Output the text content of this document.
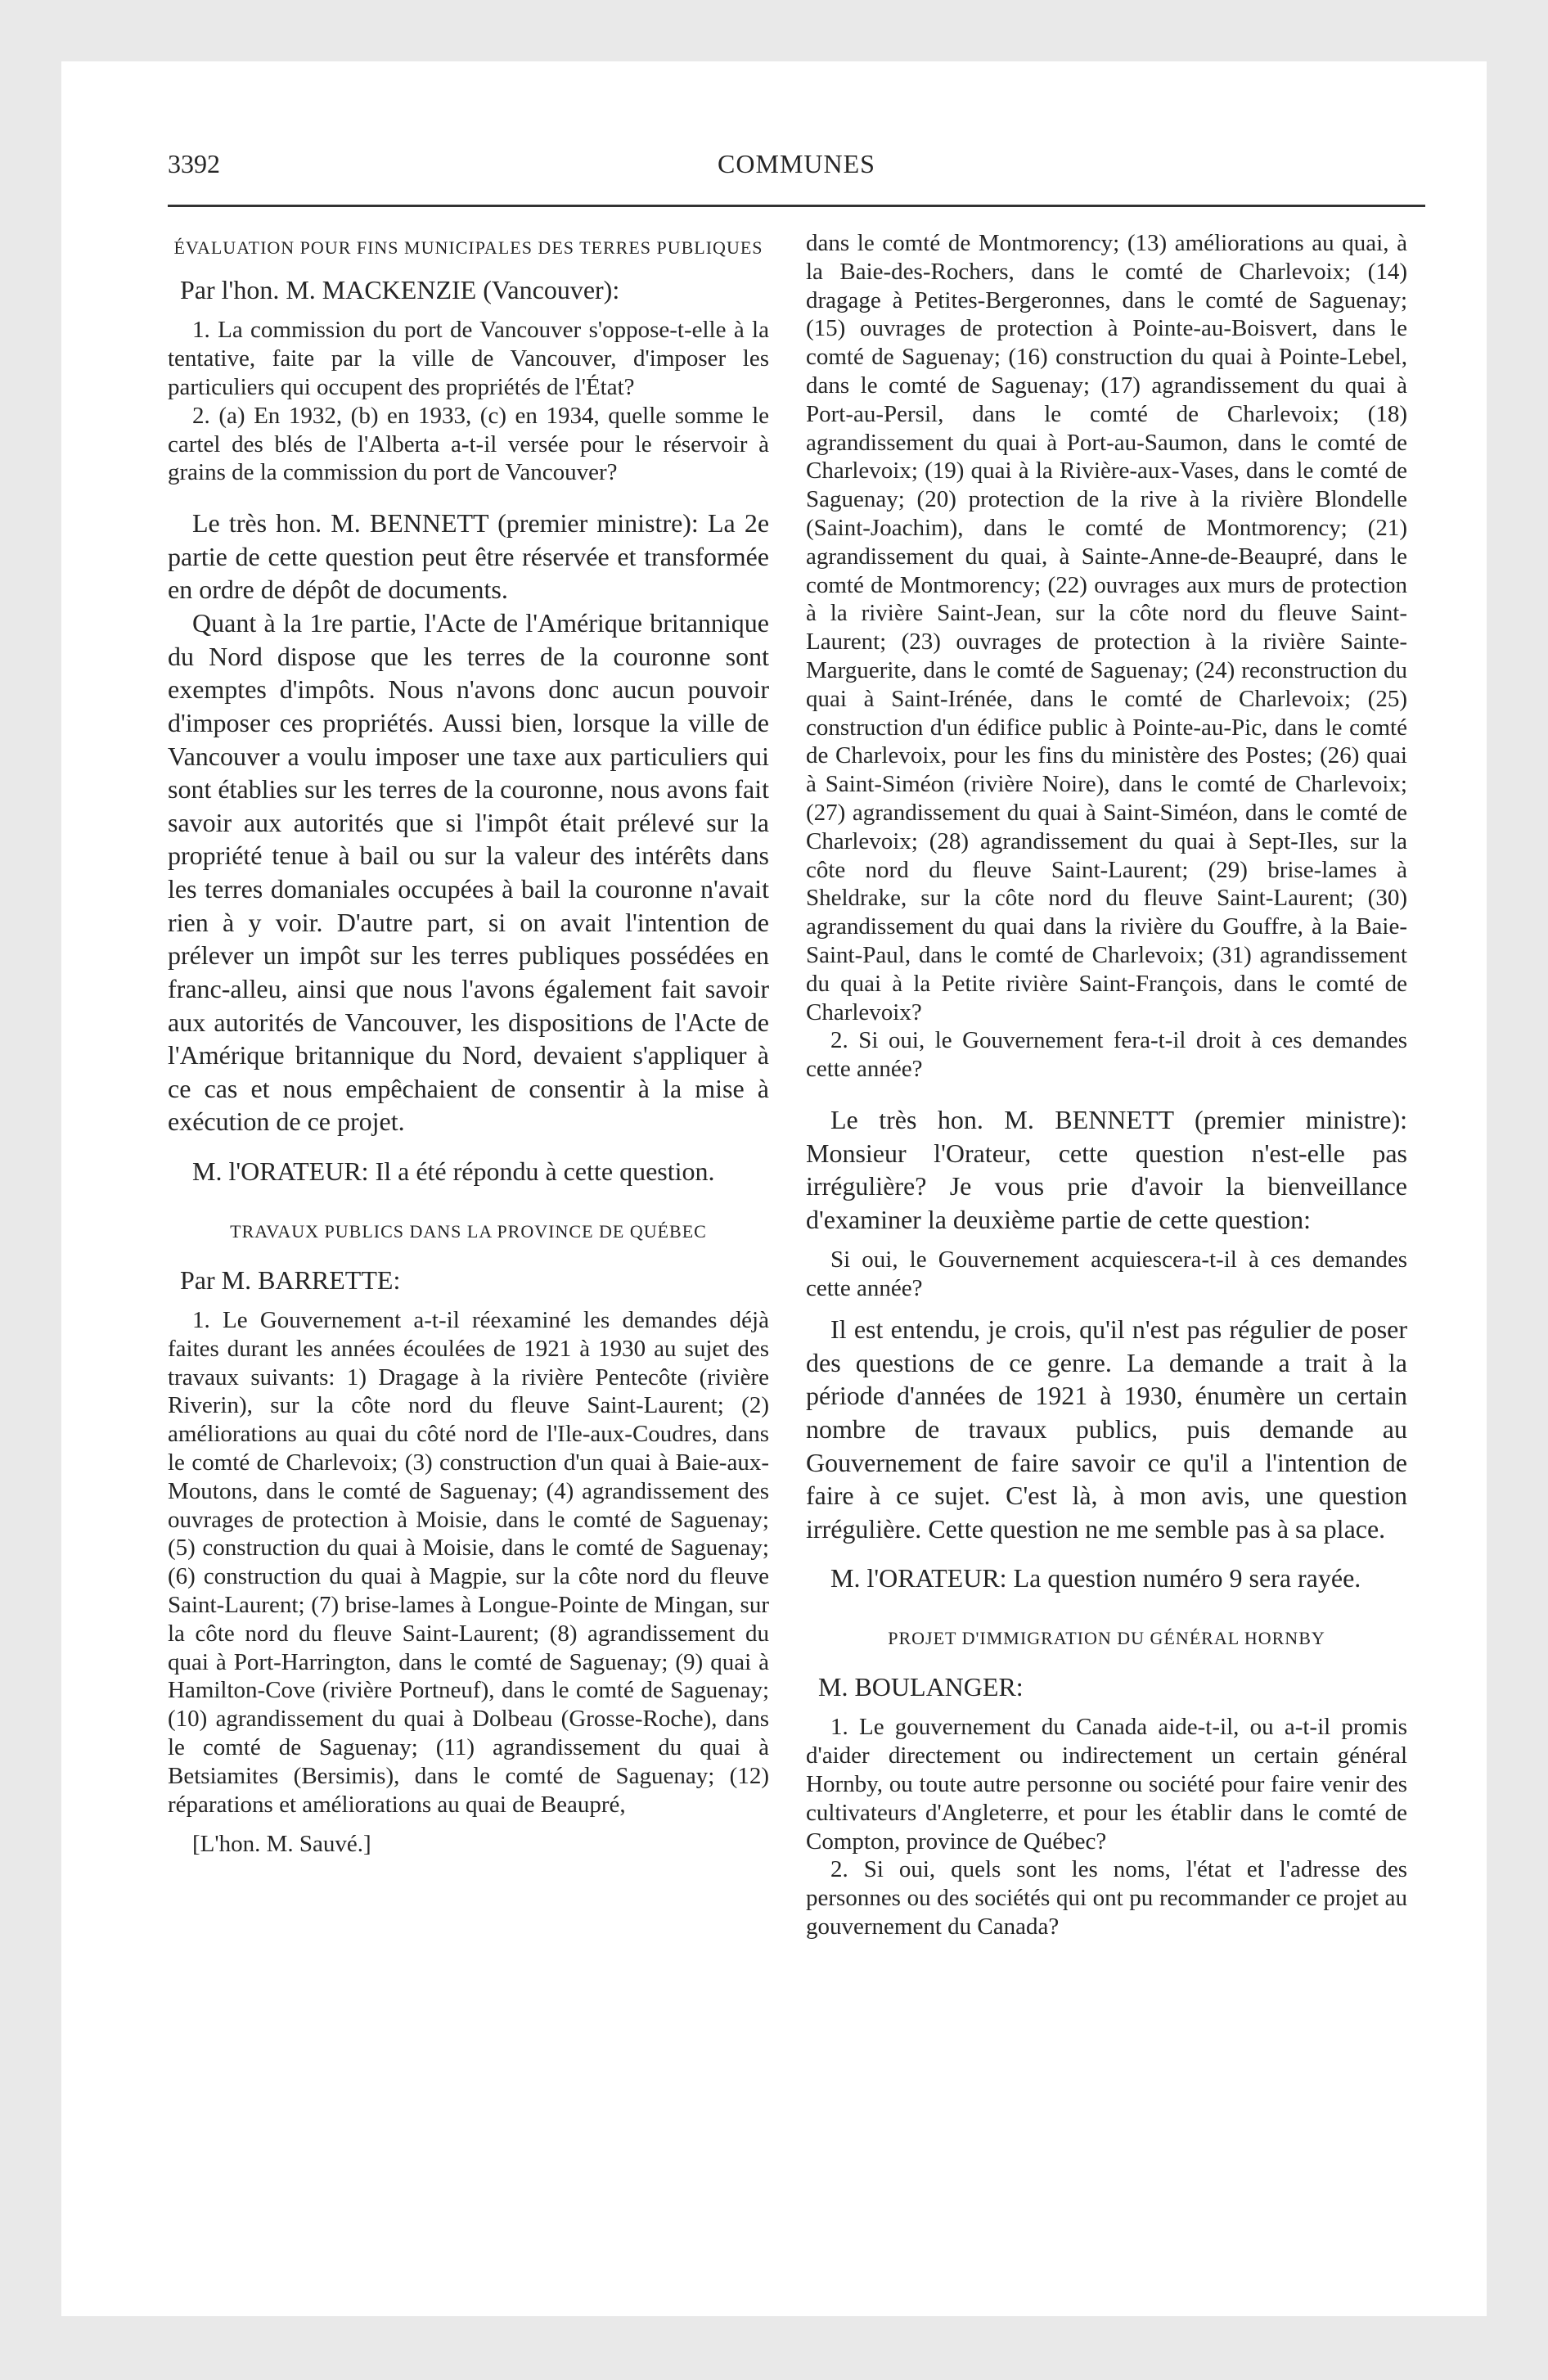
3392	COMMUNES

ÉVALUATION POUR FINS MUNICIPALES DES TERRES PUBLIQUES

Par l'hon. M. MACKENZIE (Vancouver):

1. La commission du port de Vancouver s'oppose-t-elle à la tentative, faite par la ville de Vancouver, d'imposer les particuliers qui occupent des propriétés de l'État?

2. (a) En 1932, (b) en 1933, (c) en 1934, quelle somme le cartel des blés de l'Alberta a-t-il versée pour le réservoir à grains de la commission du port de Vancouver?

Le très hon. M. BENNETT (premier ministre): La 2e partie de cette question peut être réservée et transformée en ordre de dépôt de documents.

Quant à la 1re partie, l'Acte de l'Amérique britannique du Nord dispose que les terres de la couronne sont exemptes d'impôts. Nous n'avons donc aucun pouvoir d'imposer ces propriétés. Aussi bien, lorsque la ville de Vancouver a voulu imposer une taxe aux particuliers qui sont établies sur les terres de la couronne, nous avons fait savoir aux autorités que si l'impôt était prélevé sur la propriété tenue à bail ou sur la valeur des intérêts dans les terres domaniales occupées à bail la couronne n'avait rien à y voir. D'autre part, si on avait l'intention de prélever un impôt sur les terres publiques possédées en franc-alleu, ainsi que nous l'avons également fait savoir aux autorités de Vancouver, les dispositions de l'Acte de l'Amérique britannique du Nord, devaient s'appliquer à ce cas et nous empêchaient de consentir à la mise à exécution de ce projet.

M. l'ORATEUR: Il a été répondu à cette question.

TRAVAUX PUBLICS DANS LA PROVINCE DE QUÉBEC

Par M. BARRETTE:

1. Le Gouvernement a-t-il réexaminé les demandes déjà faites durant les années écoulées de 1921 à 1930 au sujet des travaux suivants: 1) Dragage à la rivière Pentecôte (rivière Riverin), sur la côte nord du fleuve Saint-Laurent; (2) améliorations au quai du côté nord de l'Ile-aux-Coudres, dans le comté de Charlevoix; (3) construction d'un quai à Baie-aux-Moutons, dans le comté de Saguenay; (4) agrandissement des ouvrages de protection à Moisie, dans le comté de Saguenay; (5) construction du quai à Moisie, dans le comté de Saguenay; (6) construction du quai à Magpie, sur la côte nord du fleuve Saint-Laurent; (7) brise-lames à Longue-Pointe de Mingan, sur la côte nord du fleuve Saint-Laurent; (8) agrandissement du quai à Port-Harrington, dans le comté de Saguenay; (9) quai à Hamilton-Cove (rivière Portneuf), dans le comté de Saguenay; (10) agrandissement du quai à Dolbeau (Grosse-Roche), dans le comté de Saguenay; (11) agrandissement du quai à Betsiamites (Bersimis), dans le comté de Saguenay; (12) réparations et améliorations au quai de Beaupré,

[L'hon. M. Sauvé.]

dans le comté de Montmorency; (13) améliorations au quai, à la Baie-des-Rochers, dans le comté de Charlevoix; (14) dragage à Petites-Bergeronnes, dans le comté de Saguenay; (15) ouvrages de protection à Pointe-au-Boisvert, dans le comté de Saguenay; (16) construction du quai à Pointe-Lebel, dans le comté de Saguenay; (17) agrandissement du quai à Port-au-Persil, dans le comté de Charlevoix; (18) agrandissement du quai à Port-au-Saumon, dans le comté de Charlevoix; (19) quai à la Rivière-aux-Vases, dans le comté de Saguenay; (20) protection de la rive à la rivière Blondelle (Saint-Joachim), dans le comté de Montmorency; (21) agrandissement du quai, à Sainte-Anne-de-Beaupré, dans le comté de Montmorency; (22) ouvrages aux murs de protection à la rivière Saint-Jean, sur la côte nord du fleuve Saint-Laurent; (23) ouvrages de protection à la rivière Sainte-Marguerite, dans le comté de Saguenay; (24) reconstruction du quai à Saint-Irénée, dans le comté de Charlevoix; (25) construction d'un édifice public à Pointe-au-Pic, dans le comté de Charlevoix, pour les fins du ministère des Postes; (26) quai à Saint-Siméon (rivière Noire), dans le comté de Charlevoix; (27) agrandissement du quai à Saint-Siméon, dans le comté de Charlevoix; (28) agrandissement du quai à Sept-Iles, sur la côte nord du fleuve Saint-Laurent; (29) brise-lames à Sheldrake, sur la côte nord du fleuve Saint-Laurent; (30) agrandissement du quai dans la rivière du Gouffre, à la Baie-Saint-Paul, dans le comté de Charlevoix; (31) agrandissement du quai à la Petite rivière Saint-François, dans le comté de Charlevoix?

2. Si oui, le Gouvernement fera-t-il droit à ces demandes cette année?

Le très hon. M. BENNETT (premier ministre): Monsieur l'Orateur, cette question n'est-elle pas irrégulière? Je vous prie d'avoir la bienveillance d'examiner la deuxième partie de cette question:

Si oui, le Gouvernement acquiescera-t-il à ces demandes cette année?

Il est entendu, je crois, qu'il n'est pas régulier de poser des questions de ce genre. La demande a trait à la période d'années de 1921 à 1930, énumère un certain nombre de travaux publics, puis demande au Gouvernement de faire savoir ce qu'il a l'intention de faire à ce sujet. C'est là, à mon avis, une question irrégulière. Cette question ne me semble pas à sa place.

M. l'ORATEUR: La question numéro 9 sera rayée.

PROJET D'IMMIGRATION DU GÉNÉRAL HORNBY

M. BOULANGER:

1. Le gouvernement du Canada aide-t-il, ou a-t-il promis d'aider directement ou indirectement un certain général Hornby, ou toute autre personne ou société pour faire venir des cultivateurs d'Angleterre, et pour les établir dans le comté de Compton, province de Québec?

2. Si oui, quels sont les noms, l'état et l'adresse des personnes ou des sociétés qui ont pu recommander ce projet au gouvernement du Canada?
